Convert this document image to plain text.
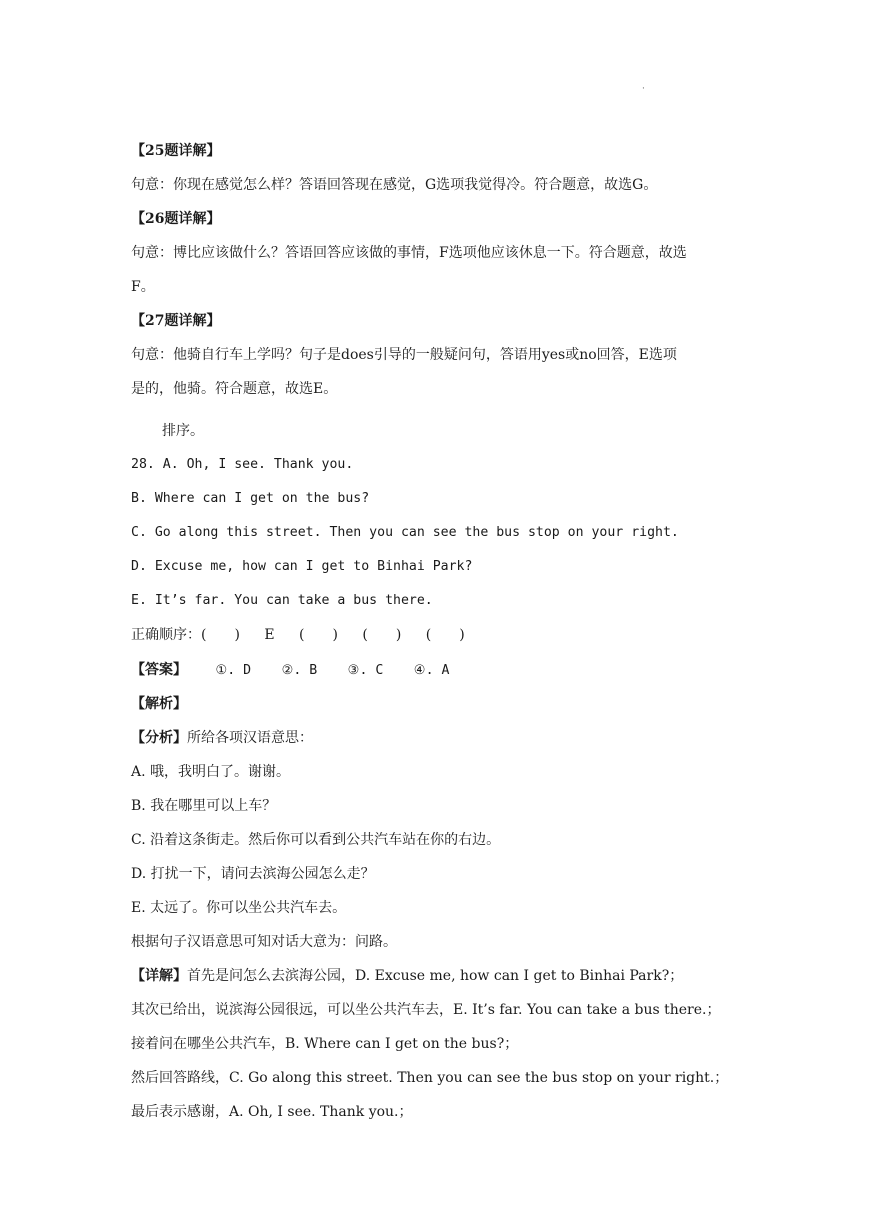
·
【25题详解】
句意：你现在感觉怎么样？答语回答现在感觉，G选项我觉得冷。符合题意，故选G。
【26题详解】
句意：博比应该做什么？答语回答应该做的事情，F选项他应该休息一下。符合题意，故选
F。
【27题详解】
句意：他骑自行车上学吗？句子是does引导的一般疑问句，答语用yes或no回答，E选项
是的，他骑。符合题意，故选E。
排序。
28. A. Oh, I see. Thank you.
B. Where can I get on the bus?
C. Go along this street. Then you can see the bus stop on your right.
D. Excuse me, how can I get to Binhai Park?
E. It’s far. You can take a bus there.
正确顺序：(　　)　 E　 (　　)　 (　　)　 (　　)
【答案】 ①. D ②. B ③. C ④. A
【解析】
【分析】所给各项汉语意思：
A. 哦，我明白了。谢谢。
B. 我在哪里可以上车？
C. 沿着这条街走。然后你可以看到公共汽车站在你的右边。
D. 打扰一下，请问去滨海公园怎么走？
E. 太远了。你可以坐公共汽车去。
根据句子汉语意思可知对话大意为：问路。
【详解】首先是问怎么去滨海公园，D. Excuse me, how can I get to Binhai Park?；
其次已给出，说滨海公园很远，可以坐公共汽车去，E. It’s far. You can take a bus there.；
接着问在哪坐公共汽车，B. Where can I get on the bus?；
然后回答路线，C. Go along this street. Then you can see the bus stop on your right.；
最后表示感谢，A. Oh, I see. Thank you.；
